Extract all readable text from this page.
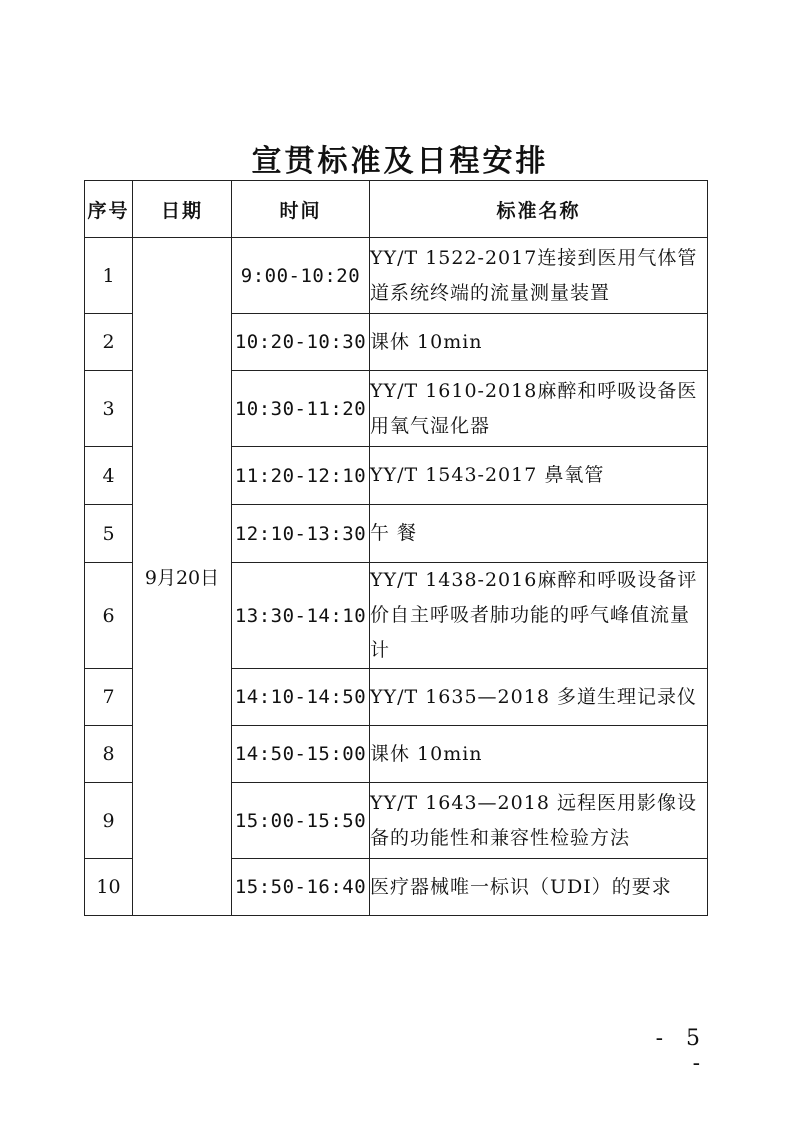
宣贯标准及日程安排
序号	日期	时间	标准名称
1	9月20日	9:00-10:20	YY/T 1522-2017连接到医用气体管道系统终端的流量测量装置
2		10:20-10:30	课休 10min
3		10:30-11:20	YY/T 1610-2018麻醉和呼吸设备医用氧气湿化器
4		11:20-12:10	YY/T 1543-2017 鼻氧管
5		12:10-13:30	午 餐
6		13:30-14:10	YY/T 1438-2016麻醉和呼吸设备评价自主呼吸者肺功能的呼气峰值流量计
7		14:10-14:50	YY/T 1635—2018 多道生理记录仪
8		14:50-15:00	课休 10min
9		15:00-15:50	YY/T 1643—2018 远程医用影像设备的功能性和兼容性检验方法
10		15:50-16:40	医疗器械唯一标识（UDI）的要求
- 5 -
